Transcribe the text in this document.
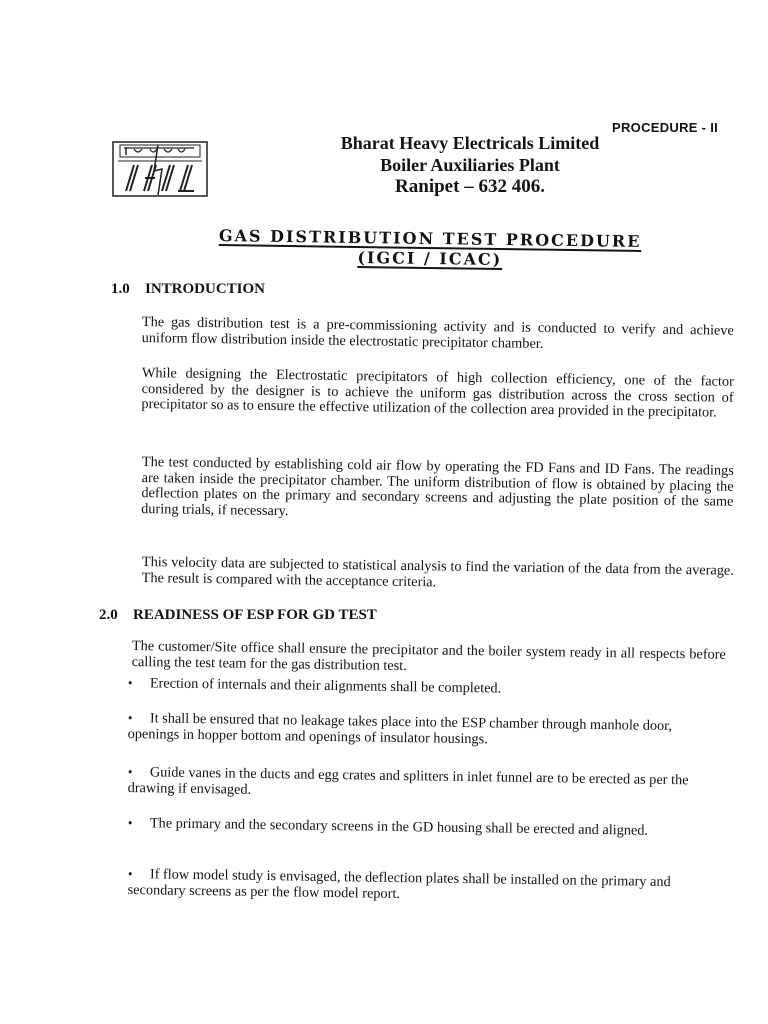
PROCEDURE - II
Bharat Heavy Electricals Limited
Boiler Auxiliaries Plant
Ranipet – 632 406.
GAS DISTRIBUTION TEST PROCEDURE
(IGCI / ICAC)
1.0 INTRODUCTION
The gas distribution test is a pre-commissioning activity and is conducted to verify and achieve uniform flow distribution inside the electrostatic precipitator chamber.
While designing the Electrostatic precipitators of high collection efficiency, one of the factor considered by the designer is to achieve the uniform gas distribution across the cross section of precipitator so as to ensure the effective utilization of the collection area provided in the precipitator.
The test conducted by establishing cold air flow by operating the FD Fans and ID Fans. The readings are taken inside the precipitator chamber. The uniform distribution of flow is obtained by placing the deflection plates on the primary and secondary screens and adjusting the plate position of the same during trials, if necessary.
This velocity data are subjected to statistical analysis to find the variation of the data from the average. The result is compared with the acceptance criteria.
2.0 READINESS OF ESP FOR GD TEST
The customer/Site office shall ensure the precipitator and the boiler system ready in all respects before calling the test team for the gas distribution test.
• Erection of internals and their alignments shall be completed.
• It shall be ensured that no leakage takes place into the ESP chamber through manhole door, openings in hopper bottom and openings of insulator housings.
• Guide vanes in the ducts and egg crates and splitters in inlet funnel are to be erected as per the drawing if envisaged.
• The primary and the secondary screens in the GD housing shall be erected and aligned.
• If flow model study is envisaged, the deflection plates shall be installed on the primary and secondary screens as per the flow model report.
